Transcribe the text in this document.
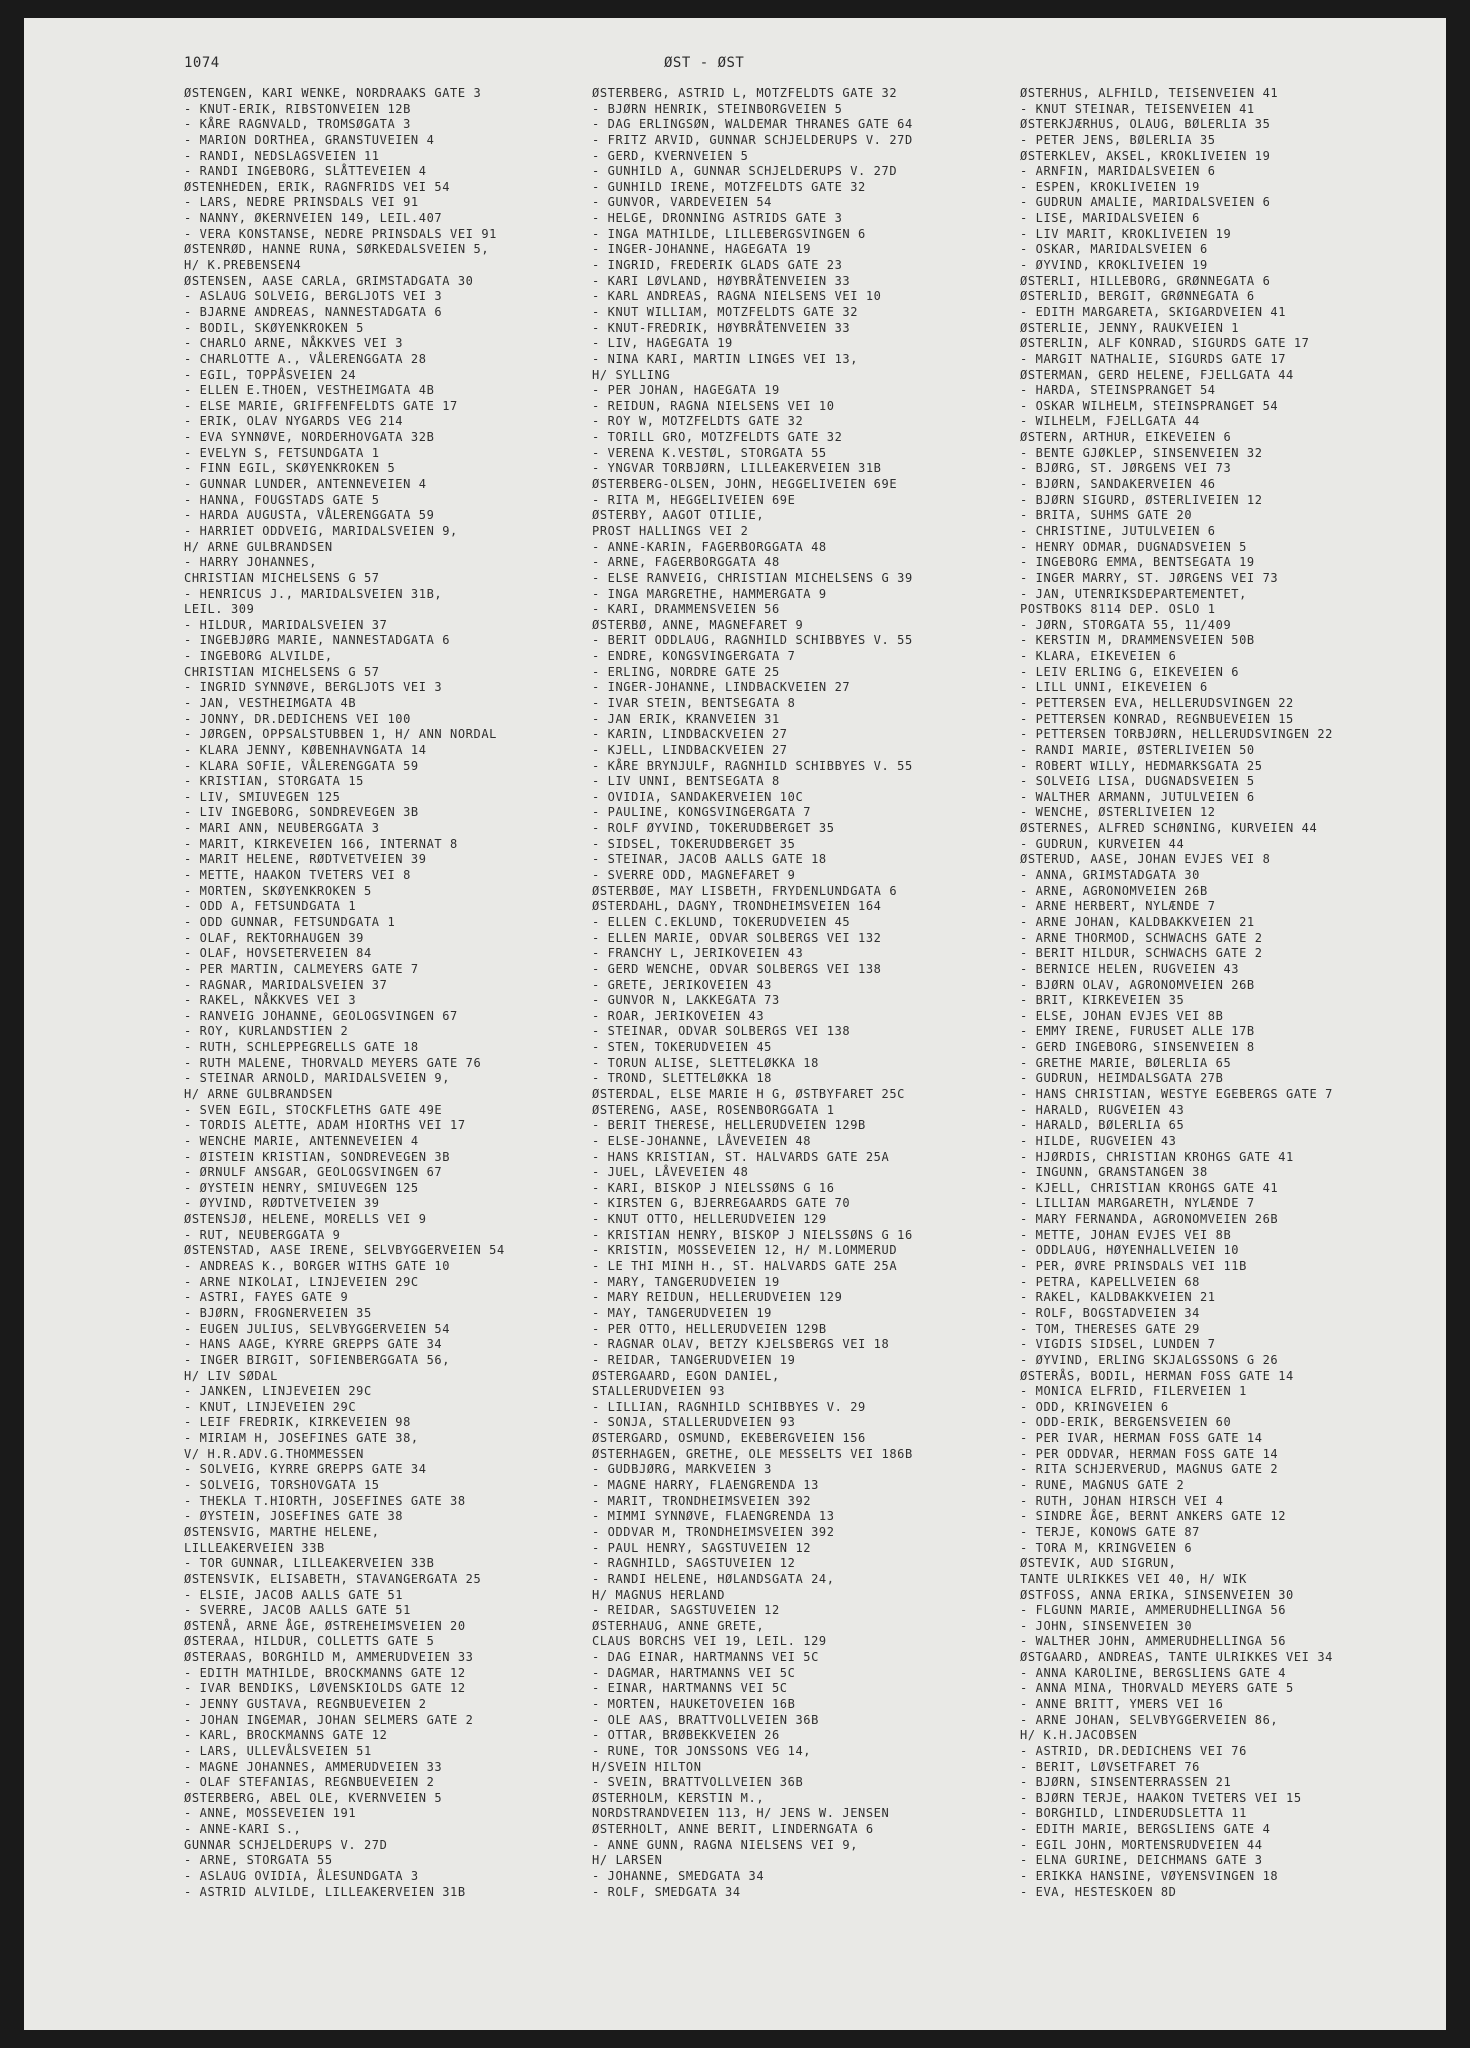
1074	ØST - ØST
ØSTENGEN, KARI WENKE, NORDRAAKS GATE 3
- KNUT-ERIK, RIBSTONVEIEN 12B
- KÅRE RAGNVALD, TROMSØGATA 3
- MARION DORTHEA, GRANSTUVEIEN 4
- RANDI, NEDSLAGSVEIEN 11
- RANDI INGEBORG, SLÅTTEVEIEN 4
ØSTENHEDEN, ERIK, RAGNFRIDS VEI 54
- LARS, NEDRE PRINSDALS VEI 91
- NANNY, ØKERNVEIEN 149, LEIL.407
- VERA KONSTANSE, NEDRE PRINSDALS VEI 91
ØSTENRØD, HANNE RUNA, SØRKEDALSVEIEN 5,
H/ K.PREBENSEN4
ØSTENSEN, AASE CARLA, GRIMSTADGATA 30
- ASLAUG SOLVEIG, BERGLJOTS VEI 3
- BJARNE ANDREAS, NANNESTADGATA 6
- BODIL, SKØYENKROKEN 5
- CHARLO ARNE, NÅKKVES VEI 3
- CHARLOTTE A., VÅLERENGGATA 28
- EGIL, TOPPÅSVEIEN 24
- ELLEN E.THOEN, VESTHEIMGATA 4B
- ELSE MARIE, GRIFFENFELDTS GATE 17
- ERIK, OLAV NYGARDS VEG 214
- EVA SYNNØVE, NORDERHOVGATA 32B
- EVELYN S, FETSUNDGATA 1
- FINN EGIL, SKØYENKROKEN 5
- GUNNAR LUNDER, ANTENNEVEIEN 4
- HANNA, FOUGSTADS GATE 5
- HARDA AUGUSTA, VÅLERENGGATA 59
- HARRIET ODDVEIG, MARIDALSVEIEN 9,
H/ ARNE GULBRANDSEN
- HARRY JOHANNES,
CHRISTIAN MICHELSENS G 57
- HENRICUS J., MARIDALSVEIEN 31B,
LEIL. 309
- HILDUR, MARIDALSVEIEN 37
- INGEBJØRG MARIE, NANNESTADGATA 6
- INGEBORG ALVILDE,
CHRISTIAN MICHELSENS G 57
- INGRID SYNNØVE, BERGLJOTS VEI 3
- JAN, VESTHEIMGATA 4B
- JONNY, DR.DEDICHENS VEI 100
- JØRGEN, OPPSALSTUBBEN 1, H/ ANN NORDAL
- KLARA JENNY, KØBENHAVNGATA 14
- KLARA SOFIE, VÅLERENGGATA 59
- KRISTIAN, STORGATA 15
- LIV, SMIUVEGEN 125
- LIV INGEBORG, SONDREVEGEN 3B
- MARI ANN, NEUBERGGATA 3
- MARIT, KIRKEVEIEN 166, INTERNAT 8
- MARIT HELENE, RØDTVETVEIEN 39
- METTE, HAAKON TVETERS VEI 8
- MORTEN, SKØYENKROKEN 5
- ODD A, FETSUNDGATA 1
- ODD GUNNAR, FETSUNDGATA 1
- OLAF, REKTORHAUGEN 39
- OLAF, HOVSETERVEIEN 84
- PER MARTIN, CALMEYERS GATE 7
- RAGNAR, MARIDALSVEIEN 37
- RAKEL, NÅKKVES VEI 3
- RANVEIG JOHANNE, GEOLOGSVINGEN 67
- ROY, KURLANDSTIEN 2
- RUTH, SCHLEPPEGRELLS GATE 18
- RUTH MALENE, THORVALD MEYERS GATE 76
- STEINAR ARNOLD, MARIDALSVEIEN 9,
H/ ARNE GULBRANDSEN
- SVEN EGIL, STOCKFLETHS GATE 49E
- TORDIS ALETTE, ADAM HIORTHS VEI 17
- WENCHE MARIE, ANTENNEVEIEN 4
- ØISTEIN KRISTIAN, SONDREVEGEN 3B
- ØRNULF ANSGAR, GEOLOGSVINGEN 67
- ØYSTEIN HENRY, SMIUVEGEN 125
- ØYVIND, RØDTVETVEIEN 39
ØSTENSJØ, HELENE, MORELLS VEI 9
- RUT, NEUBERGGATA 9
ØSTENSTAD, AASE IRENE, SELVBYGGERVEIEN 54
- ANDREAS K., BORGER WITHS GATE 10
- ARNE NIKOLAI, LINJEVEIEN 29C
- ASTRI, FAYES GATE 9
- BJØRN, FROGNERVEIEN 35
- EUGEN JULIUS, SELVBYGGERVEIEN 54
- HANS AAGE, KYRRE GREPPS GATE 34
- INGER BIRGIT, SOFIENBERGGATA 56,
H/ LIV SØDAL
- JANKEN, LINJEVEIEN 29C
- KNUT, LINJEVEIEN 29C
- LEIF FREDRIK, KIRKEVEIEN 98
- MIRIAM H, JOSEFINES GATE 38,
V/ H.R.ADV.G.THOMMESSEN
- SOLVEIG, KYRRE GREPPS GATE 34
- SOLVEIG, TORSHOVGATA 15
- THEKLA T.HIORTH, JOSEFINES GATE 38
- ØYSTEIN, JOSEFINES GATE 38
ØSTENSVIG, MARTHE HELENE,
LILLEAKERVEIEN 33B
- TOR GUNNAR, LILLEAKERVEIEN 33B
ØSTENSVIK, ELISABETH, STAVANGERGATA 25
- ELSIE, JACOB AALLS GATE 51
- SVERRE, JACOB AALLS GATE 51
ØSTENÅ, ARNE ÅGE, ØSTREHEIMSVEIEN 20
ØSTERAA, HILDUR, COLLETTS GATE 5
ØSTERAAS, BORGHILD M, AMMERUDVEIEN 33
- EDITH MATHILDE, BROCKMANNS GATE 12
- IVAR BENDIKS, LØVENSKIOLDS GATE 12
- JENNY GUSTAVA, REGNBUEVEIEN 2
- JOHAN INGEMAR, JOHAN SELMERS GATE 2
- KARL, BROCKMANNS GATE 12
- LARS, ULLEVÅLSVEIEN 51
- MAGNE JOHANNES, AMMERUDVEIEN 33
- OLAF STEFANIAS, REGNBUEVEIEN 2
ØSTERBERG, ABEL OLE, KVERNVEIEN 5
- ANNE, MOSSEVEIEN 191
- ANNE-KARI S.,
GUNNAR SCHJELDERUPS V. 27D
- ARNE, STORGATA 55
- ASLAUG OVIDIA, ÅLESUNDGATA 3
- ASTRID ALVILDE, LILLEAKERVEIEN 31B
ØSTERBERG, ASTRID L, MOTZFELDTS GATE 32
- BJØRN HENRIK, STEINBORGVEIEN 5
- DAG ERLINGSØN, WALDEMAR THRANES GATE 64
- FRITZ ARVID, GUNNAR SCHJELDERUPS V. 27D
- GERD, KVERNVEIEN 5
- GUNHILD A, GUNNAR SCHJELDERUPS V. 27D
- GUNHILD IRENE, MOTZFELDTS GATE 32
- GUNVOR, VARDEVEIEN 54
- HELGE, DRONNING ASTRIDS GATE 3
- INGA MATHILDE, LILLEBERGSVINGEN 6
- INGER-JOHANNE, HAGEGATA 19
- INGRID, FREDERIK GLADS GATE 23
- KARI LØVLAND, HØYBRÅTENVEIEN 33
- KARL ANDREAS, RAGNA NIELSENS VEI 10
- KNUT WILLIAM, MOTZFELDTS GATE 32
- KNUT-FREDRIK, HØYBRÅTENVEIEN 33
- LIV, HAGEGATA 19
- NINA KARI, MARTIN LINGES VEI 13,
H/ SYLLING
- PER JOHAN, HAGEGATA 19
- REIDUN, RAGNA NIELSENS VEI 10
- ROY W, MOTZFELDTS GATE 32
- TORILL GRO, MOTZFELDTS GATE 32
- VERENA K.VESTØL, STORGATA 55
- YNGVAR TORBJØRN, LILLEAKERVEIEN 31B
ØSTERBERG-OLSEN, JOHN, HEGGELIVEIEN 69E
- RITA M, HEGGELIVEIEN 69E
ØSTERBY, AAGOT OTILIE,
PROST HALLINGS VEI 2
- ANNE-KARIN, FAGERBORGGATA 48
- ARNE, FAGERBORGGATA 48
- ELSE RANVEIG, CHRISTIAN MICHELSENS G 39
- INGA MARGRETHE, HAMMERGATA 9
- KARI, DRAMMENSVEIEN 56
ØSTERBØ, ANNE, MAGNEFARET 9
- BERIT ODDLAUG, RAGNHILD SCHIBBYES V. 55
- ENDRE, KONGSVINGERGATA 7
- ERLING, NORDRE GATE 25
- INGER-JOHANNE, LINDBACKVEIEN 27
- IVAR STEIN, BENTSEGATA 8
- JAN ERIK, KRANVEIEN 31
- KARIN, LINDBACKVEIEN 27
- KJELL, LINDBACKVEIEN 27
- KÅRE BRYNJULF, RAGNHILD SCHIBBYES V. 55
- LIV UNNI, BENTSEGATA 8
- OVIDIA, SANDAKERVEIEN 10C
- PAULINE, KONGSVINGERGATA 7
- ROLF ØYVIND, TOKERUDBERGET 35
- SIDSEL, TOKERUDBERGET 35
- STEINAR, JACOB AALLS GATE 18
- SVERRE ODD, MAGNEFARET 9
ØSTERBØE, MAY LISBETH, FRYDENLUNDGATA 6
ØSTERDAHL, DAGNY, TRONDHEIMSVEIEN 164
- ELLEN C.EKLUND, TOKERUDVEIEN 45
- ELLEN MARIE, ODVAR SOLBERGS VEI 132
- FRANCHY L, JERIKOVEIEN 43
- GERD WENCHE, ODVAR SOLBERGS VEI 138
- GRETE, JERIKOVEIEN 43
- GUNVOR N, LAKKEGATA 73
- ROAR, JERIKOVEIEN 43
- STEINAR, ODVAR SOLBERGS VEI 138
- STEN, TOKERUDVEIEN 45
- TORUN ALISE, SLETTELØKKA 18
- TROND, SLETTELØKKA 18
ØSTERDAL, ELSE MARIE H G, ØSTBYFARET 25C
ØSTERENG, AASE, ROSENBORGGATA 1
- BERIT THERESE, HELLERUDVEIEN 129B
- ELSE-JOHANNE, LÅVEVEIEN 48
- HANS KRISTIAN, ST. HALVARDS GATE 25A
- JUEL, LÅVEVEIEN 48
- KARI, BISKOP J NIELSSØNS G 16
- KIRSTEN G, BJERREGAARDS GATE 70
- KNUT OTTO, HELLERUDVEIEN 129
- KRISTIAN HENRY, BISKOP J NIELSSØNS G 16
- KRISTIN, MOSSEVEIEN 12, H/ M.LOMMERUD
- LE THI MINH H., ST. HALVARDS GATE 25A
- MARY, TANGERUDVEIEN 19
- MARY REIDUN, HELLERUDVEIEN 129
- MAY, TANGERUDVEIEN 19
- PER OTTO, HELLERUDVEIEN 129B
- RAGNAR OLAV, BETZY KJELSBERGS VEI 18
- REIDAR, TANGERUDVEIEN 19
ØSTERGAARD, EGON DANIEL,
STALLERUDVEIEN 93
- LILLIAN, RAGNHILD SCHIBBYES V. 29
- SONJA, STALLERUDVEIEN 93
ØSTERGARD, OSMUND, EKEBERGVEIEN 156
ØSTERHAGEN, GRETHE, OLE MESSELTS VEI 186B
- GUDBJØRG, MARKVEIEN 3
- MAGNE HARRY, FLAENGRENDA 13
- MARIT, TRONDHEIMSVEIEN 392
- MIMMI SYNNØVE, FLAENGRENDA 13
- ODDVAR M, TRONDHEIMSVEIEN 392
- PAUL HENRY, SAGSTUVEIEN 12
- RAGNHILD, SAGSTUVEIEN 12
- RANDI HELENE, HØLANDSGATA 24,
H/ MAGNUS HERLAND
- REIDAR, SAGSTUVEIEN 12
ØSTERHAUG, ANNE GRETE,
CLAUS BORCHS VEI 19, LEIL. 129
- DAG EINAR, HARTMANNS VEI 5C
- DAGMAR, HARTMANNS VEI 5C
- EINAR, HARTMANNS VEI 5C
- MORTEN, HAUKETOVEIEN 16B
- OLE AAS, BRATTVOLLVEIEN 36B
- OTTAR, BRØBEKKVEIEN 26
- RUNE, TOR JONSSONS VEG 14,
H/SVEIN HILTON
- SVEIN, BRATTVOLLVEIEN 36B
ØSTERHOLM, KERSTIN M.,
NORDSTRANDVEIEN 113, H/ JENS W. JENSEN
ØSTERHOLT, ANNE BERIT, LINDERNGATA 6
- ANNE GUNN, RAGNA NIELSENS VEI 9,
H/ LARSEN
- JOHANNE, SMEDGATA 34
- ROLF, SMEDGATA 34
ØSTERHUS, ALFHILD, TEISENVEIEN 41
- KNUT STEINAR, TEISENVEIEN 41
ØSTERKJÆRHUS, OLAUG, BØLERLIA 35
- PETER JENS, BØLERLIA 35
ØSTERKLEV, AKSEL, KROKLIVEIEN 19
- ARNFIN, MARIDALSVEIEN 6
- ESPEN, KROKLIVEIEN 19
- GUDRUN AMALIE, MARIDALSVEIEN 6
- LISE, MARIDALSVEIEN 6
- LIV MARIT, KROKLIVEIEN 19
- OSKAR, MARIDALSVEIEN 6
- ØYVIND, KROKLIVEIEN 19
ØSTERLI, HILLEBORG, GRØNNEGATA 6
ØSTERLID, BERGIT, GRØNNEGATA 6
- EDITH MARGARETA, SKIGARDVEIEN 41
ØSTERLIE, JENNY, RAUKVEIEN 1
ØSTERLIN, ALF KONRAD, SIGURDS GATE 17
- MARGIT NATHALIE, SIGURDS GATE 17
ØSTERMAN, GERD HELENE, FJELLGATA 44
- HARDA, STEINSPRANGET 54
- OSKAR WILHELM, STEINSPRANGET 54
- WILHELM, FJELLGATA 44
ØSTERN, ARTHUR, EIKEVEIEN 6
- BENTE GJØKLEP, SINSENVEIEN 32
- BJØRG, ST. JØRGENS VEI 73
- BJØRN, SANDAKERVEIEN 46
- BJØRN SIGURD, ØSTERLIVEIEN 12
- BRITA, SUHMS GATE 20
- CHRISTINE, JUTULVEIEN 6
- HENRY ODMAR, DUGNADSVEIEN 5
- INGEBORG EMMA, BENTSEGATA 19
- INGER MARRY, ST. JØRGENS VEI 73
- JAN, UTENRIKSDEPARTEMENTET,
POSTBOKS 8114 DEP. OSLO 1
- JØRN, STORGATA 55, 11/409
- KERSTIN M, DRAMMENSVEIEN 50B
- KLARA, EIKEVEIEN 6
- LEIV ERLING G, EIKEVEIEN 6
- LILL UNNI, EIKEVEIEN 6
- PETTERSEN EVA, HELLERUDSVINGEN 22
- PETTERSEN KONRAD, REGNBUEVEIEN 15
- PETTERSEN TORBJØRN, HELLERUDSVINGEN 22
- RANDI MARIE, ØSTERLIVEIEN 50
- ROBERT WILLY, HEDMARKSGATA 25
- SOLVEIG LISA, DUGNADSVEIEN 5
- WALTHER ARMANN, JUTULVEIEN 6
- WENCHE, ØSTERLIVEIEN 12
ØSTERNES, ALFRED SCHØNING, KURVEIEN 44
- GUDRUN, KURVEIEN 44
ØSTERUD, AASE, JOHAN EVJES VEI 8
- ANNA, GRIMSTADGATA 30
- ARNE, AGRONOMVEIEN 26B
- ARNE HERBERT, NYLÆNDE 7
- ARNE JOHAN, KALDBAKKVEIEN 21
- ARNE THORMOD, SCHWACHS GATE 2
- BERIT HILDUR, SCHWACHS GATE 2
- BERNICE HELEN, RUGVEIEN 43
- BJØRN OLAV, AGRONOMVEIEN 26B
- BRIT, KIRKEVEIEN 35
- ELSE, JOHAN EVJES VEI 8B
- EMMY IRENE, FURUSET ALLE 17B
- GERD INGEBORG, SINSENVEIEN 8
- GRETHE MARIE, BØLERLIA 65
- GUDRUN, HEIMDALSGATA 27B
- HANS CHRISTIAN, WESTYE EGEBERGS GATE 7
- HARALD, RUGVEIEN 43
- HARALD, BØLERLIA 65
- HILDE, RUGVEIEN 43
- HJØRDIS, CHRISTIAN KROHGS GATE 41
- INGUNN, GRANSTANGEN 38
- KJELL, CHRISTIAN KROHGS GATE 41
- LILLIAN MARGARETH, NYLÆNDE 7
- MARY FERNANDA, AGRONOMVEIEN 26B
- METTE, JOHAN EVJES VEI 8B
- ODDLAUG, HØYENHALLVEIEN 10
- PER, ØVRE PRINSDALS VEI 11B
- PETRA, KAPELLVEIEN 68
- RAKEL, KALDBAKKVEIEN 21
- ROLF, BOGSTADVEIEN 34
- TOM, THERESES GATE 29
- VIGDIS SIDSEL, LUNDEN 7
- ØYVIND, ERLING SKJALGSSONS G 26
ØSTERÅS, BODIL, HERMAN FOSS GATE 14
- MONICA ELFRID, FILERVEIEN 1
- ODD, KRINGVEIEN 6
- ODD-ERIK, BERGENSVEIEN 60
- PER IVAR, HERMAN FOSS GATE 14
- PER ODDVAR, HERMAN FOSS GATE 14
- RITA SCHJERVERUD, MAGNUS GATE 2
- RUNE, MAGNUS GATE 2
- RUTH, JOHAN HIRSCH VEI 4
- SINDRE ÅGE, BERNT ANKERS GATE 12
- TERJE, KONOWS GATE 87
- TORA M, KRINGVEIEN 6
ØSTEVIK, AUD SIGRUN,
TANTE ULRIKKES VEI 40, H/ WIK
ØSTFOSS, ANNA ERIKA, SINSENVEIEN 30
- FLGUNN MARIE, AMMERUDHELLINGA 56
- JOHN, SINSENVEIEN 30
- WALTHER JOHN, AMMERUDHELLINGA 56
ØSTGAARD, ANDREAS, TANTE ULRIKKES VEI 34
- ANNA KAROLINE, BERGSLIENS GATE 4
- ANNA MINA, THORVALD MEYERS GATE 5
- ANNE BRITT, YMERS VEI 16
- ARNE JOHAN, SELVBYGGERVEIEN 86,
H/ K.H.JACOBSEN
- ASTRID, DR.DEDICHENS VEI 76
- BERIT, LØVSETFARET 76
- BJØRN, SINSENTERRASSEN 21
- BJØRN TERJE, HAAKON TVETERS VEI 15
- BORGHILD, LINDERUDSLETTA 11
- EDITH MARIE, BERGSLIENS GATE 4
- EGIL JOHN, MORTENSRUDVEIEN 44
- ELNA GURINE, DEICHMANS GATE 3
- ERIKKA HANSINE, VØYENSVINGEN 18
- EVA, HESTESKOEN 8D
